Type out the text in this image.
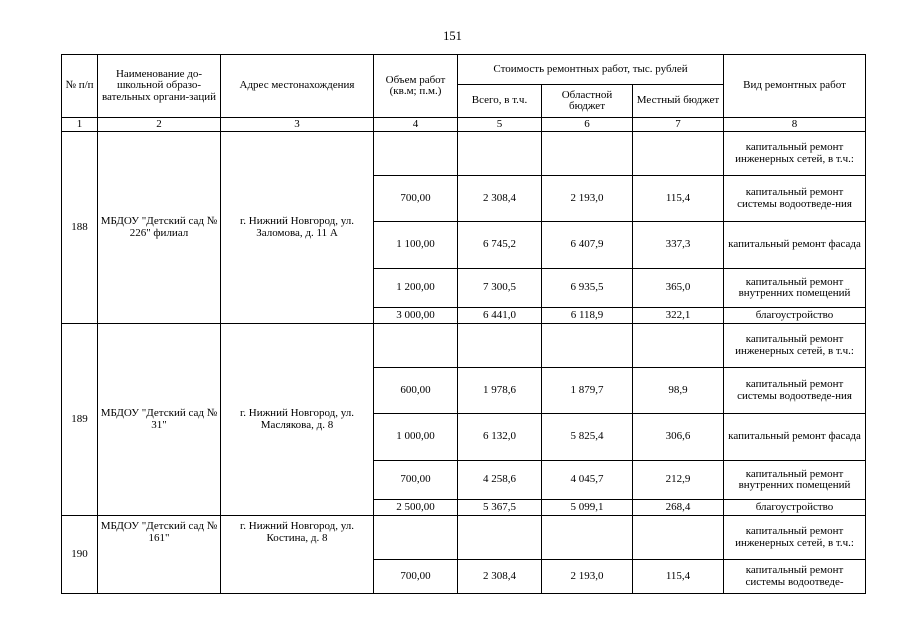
151
№ п/п	Наименование до-школьной образо-вательных органи-заций	Адрес местонахождения	Объем работ (кв.м; п.м.)	Стоимость ремонтных работ, тыс. рублей			Вид ремонтных работ
				Всего, в т.ч.	Областной бюджет	Местный бюджет	
1	2	3	4	5	6	7	8
188	МБДОУ "Детский сад № 226" филиал	г. Нижний Новгород, ул. Заломова, д. 11 А					капитальный ремонт инженерных сетей, в т.ч.:
			700,00	2 308,4	2 193,0	115,4	капитальный ремонт системы водоотведе-ния
			1 100,00	6 745,2	6 407,9	337,3	капитальный ремонт фасада
			1 200,00	7 300,5	6 935,5	365,0	капитальный ремонт внутренних помещений
			3 000,00	6 441,0	6 118,9	322,1	благоустройство
189	МБДОУ "Детский сад № 31"	г. Нижний Новгород, ул. Маслякова, д. 8					капитальный ремонт инженерных сетей, в т.ч.:
			600,00	1 978,6	1 879,7	98,9	капитальный ремонт системы водоотведе-ния
			1 000,00	6 132,0	5 825,4	306,6	капитальный ремонт фасада
			700,00	4 258,6	4 045,7	212,9	капитальный ремонт внутренних помещений
			2 500,00	5 367,5	5 099,1	268,4	благоустройство
190	МБДОУ "Детский сад № 161"	г. Нижний Новгород, ул. Костина, д. 8					капитальный ремонт инженерных сетей, в т.ч.:
			700,00	2 308,4	2 193,0	115,4	капитальный ремонт системы водоотведе-
